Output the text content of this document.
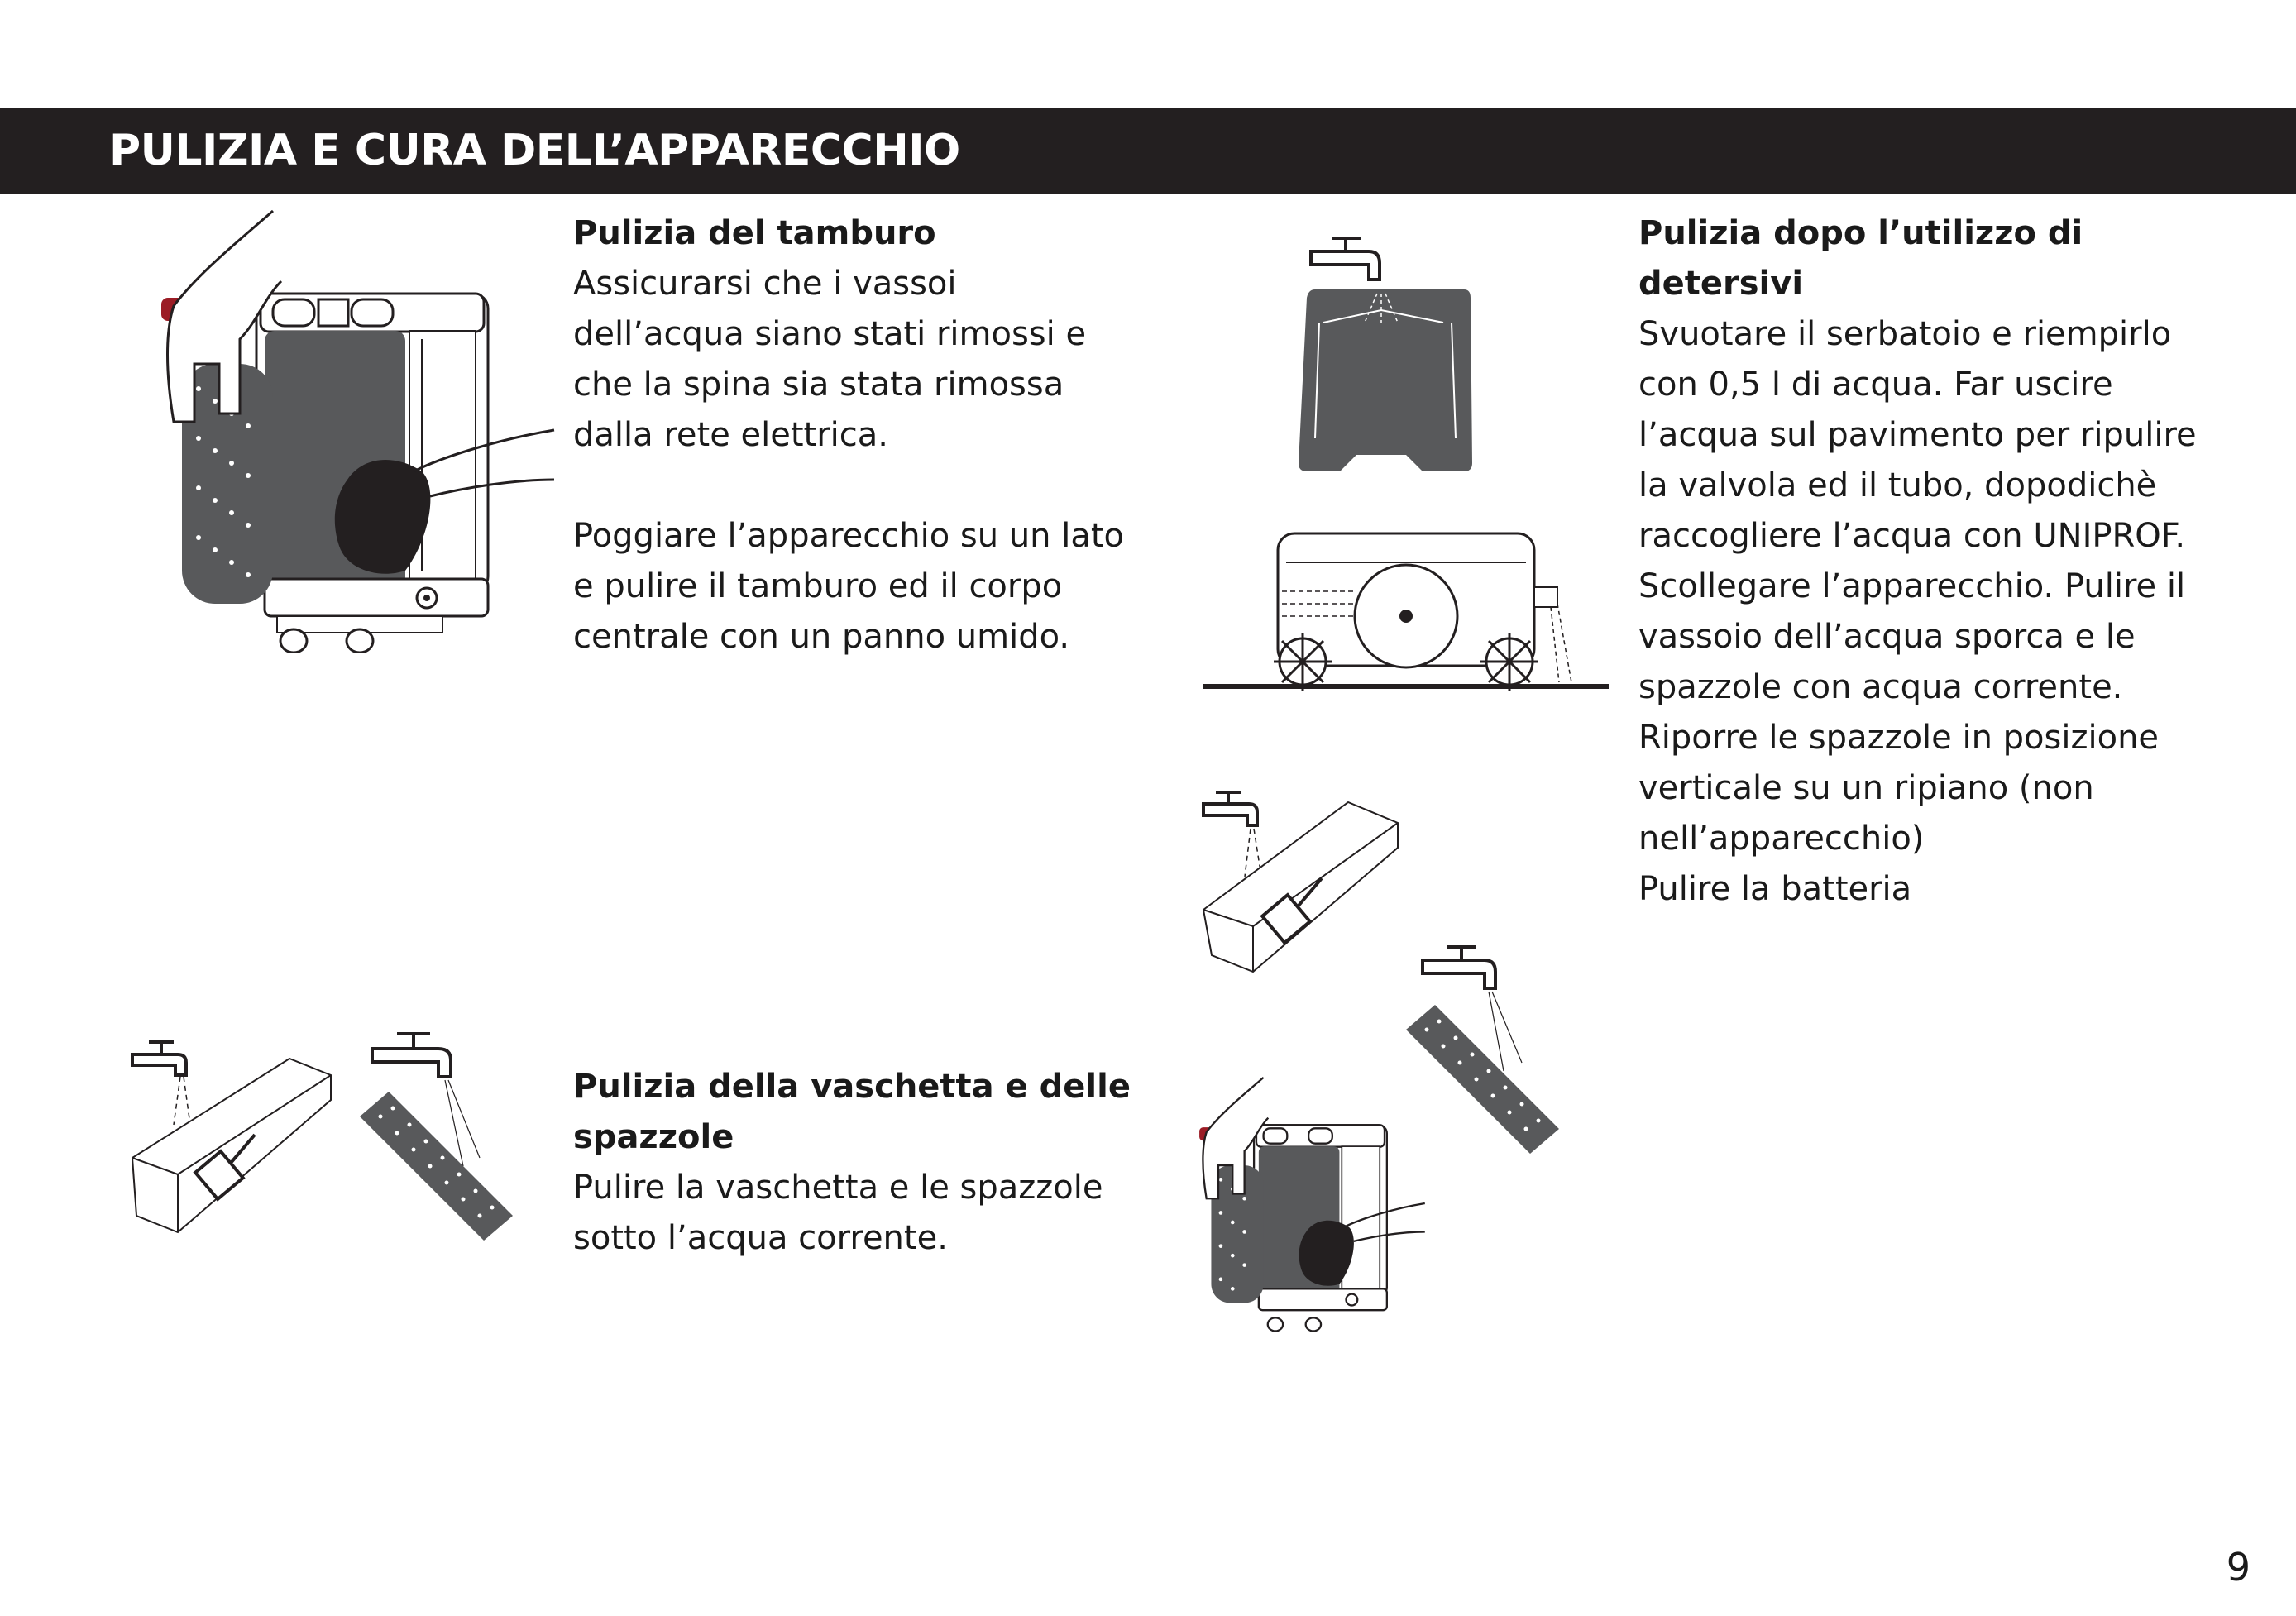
PULIZIA E CURA DELL’APPARECCHIO
Pulizia del tamburo
Assicurarsi che i vassoi dell’acqua siano stati rimossi e che la spina sia stata rimossa dalla rete elettrica.
Poggiare l’apparecchio su un lato e pulire il tamburo ed il corpo centrale con un panno umido.
Pulizia della vaschetta e delle spazzole
Pulire la vaschetta e le spazzole sotto l’acqua corrente.
Pulizia dopo l’utilizzo di detersivi
Svuotare il serbatoio e riempirlo con 0,5 l di acqua. Far uscire l’acqua sul pavimento per ripulire la valvola ed il tubo, dopodichè raccogliere l’acqua con UNIPROF. Scollegare l’apparecchio. Pulire il vassoio dell’acqua sporca e le spazzole con acqua corrente. Riporre le spazzole in posizione verticale su un ripiano (non nell’apparecchio)
Pulire la batteria
9
